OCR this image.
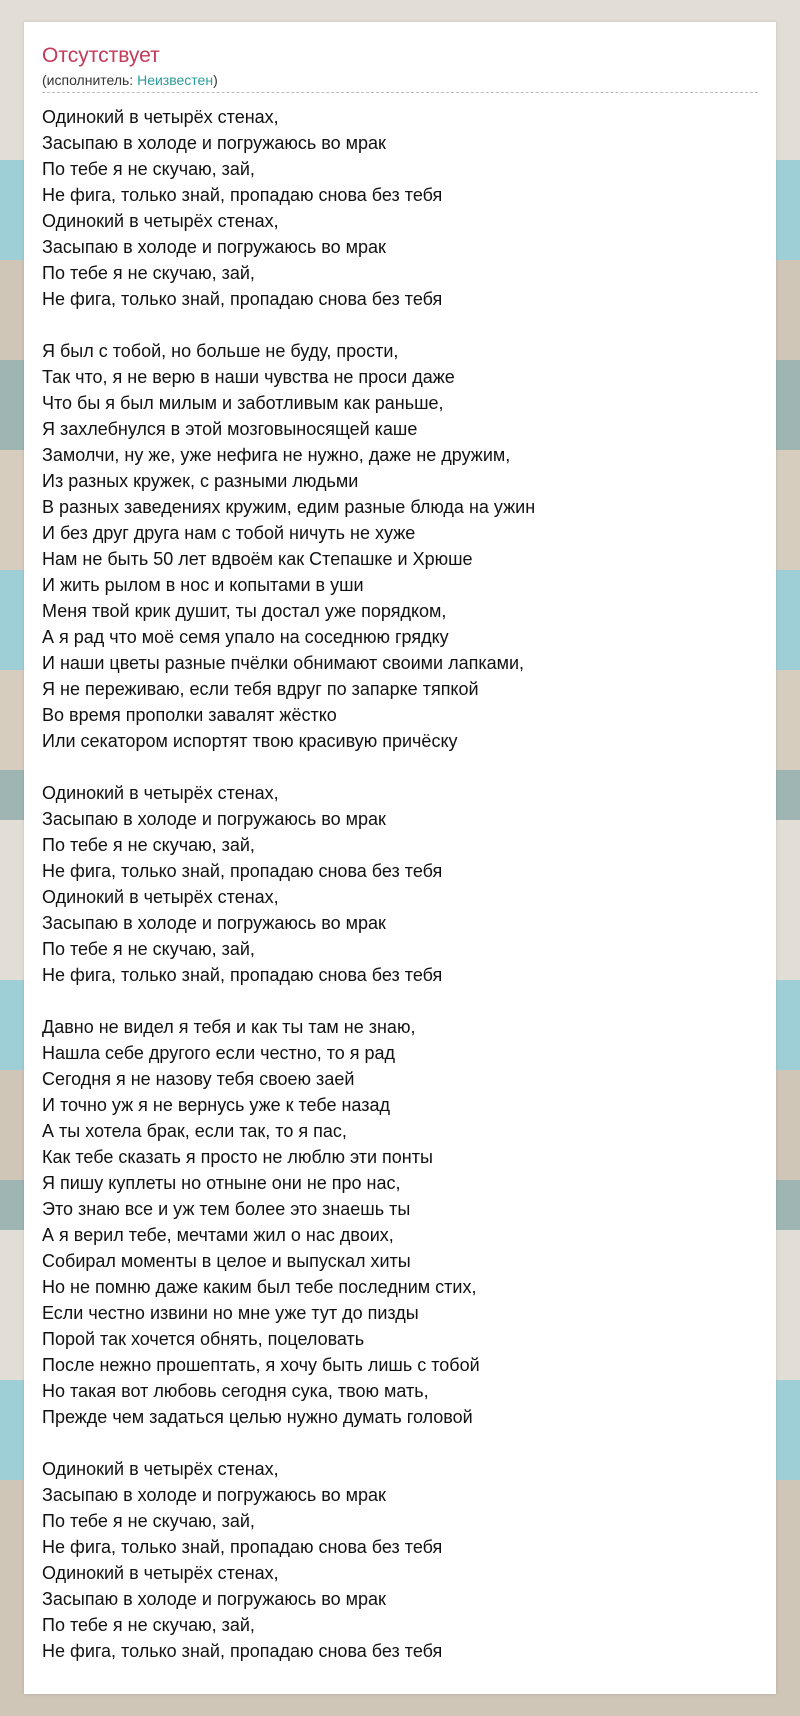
Отсутствует
(исполнитель: Неизвестен)
Одинокий в четырёх стенах,
Засыпаю в холоде и погружаюсь во мрак
По тебе я не скучаю, зай,
Не фига, только знай, пропадаю снова без тебя
Одинокий в четырёх стенах,
Засыпаю в холоде и погружаюсь во мрак
По тебе я не скучаю, зай,
Не фига, только знай, пропадаю снова без тебя
Я был с тобой, но больше не буду, прости,
Так что, я не верю в наши чувства не проси даже
Что бы я был милым и заботливым как раньше,
Я захлебнулся в этой мозговыносящей каше
Замолчи, ну же, уже нефига не нужно, даже не дружим,
Из разных кружек, с разными людьми
В разных заведениях кружим, едим разные блюда на ужин
И без друг друга нам с тобой ничуть не хуже
Нам не быть 50 лет вдвоём как Степашке и Хрюше
И жить рылом в нос и копытами в уши
Меня твой крик душит, ты достал уже порядком,
А я рад что моё семя упало на соседнюю грядку
И наши цветы разные пчёлки обнимают своими лапками,
Я не переживаю, если тебя вдруг по запарке тяпкой
Во время прополки завалят жёстко
Или секатором испортят твою красивую причёску
Одинокий в четырёх стенах,
Засыпаю в холоде и погружаюсь во мрак
По тебе я не скучаю, зай,
Не фига, только знай, пропадаю снова без тебя
Одинокий в четырёх стенах,
Засыпаю в холоде и погружаюсь во мрак
По тебе я не скучаю, зай,
Не фига, только знай, пропадаю снова без тебя
Давно не видел я тебя и как ты там не знаю,
Нашла себе другого если честно, то я рад
Сегодня я не назову тебя своею заей
И точно уж я не вернусь уже к тебе назад
А ты хотела брак, если так, то я пас,
Как тебе сказать я просто не люблю эти понты
Я пишу куплеты но отныне они не про нас,
Это знаю все и уж тем более это знаешь ты
А я верил тебе, мечтами жил о нас двоих,
Собирал моменты в целое и выпускал хиты
Но не помню даже каким был тебе последним стих,
Если честно извини но мне уже тут до пизды
Порой так хочется обнять, поцеловать
После нежно прошептать, я хочу быть лишь с тобой
Но такая вот любовь сегодня сука, твою мать,
Прежде чем задаться целью нужно думать головой
Одинокий в четырёх стенах,
Засыпаю в холоде и погружаюсь во мрак
По тебе я не скучаю, зай,
Не фига, только знай, пропадаю снова без тебя
Одинокий в четырёх стенах,
Засыпаю в холоде и погружаюсь во мрак
По тебе я не скучаю, зай,
Не фига, только знай, пропадаю снова без тебя
